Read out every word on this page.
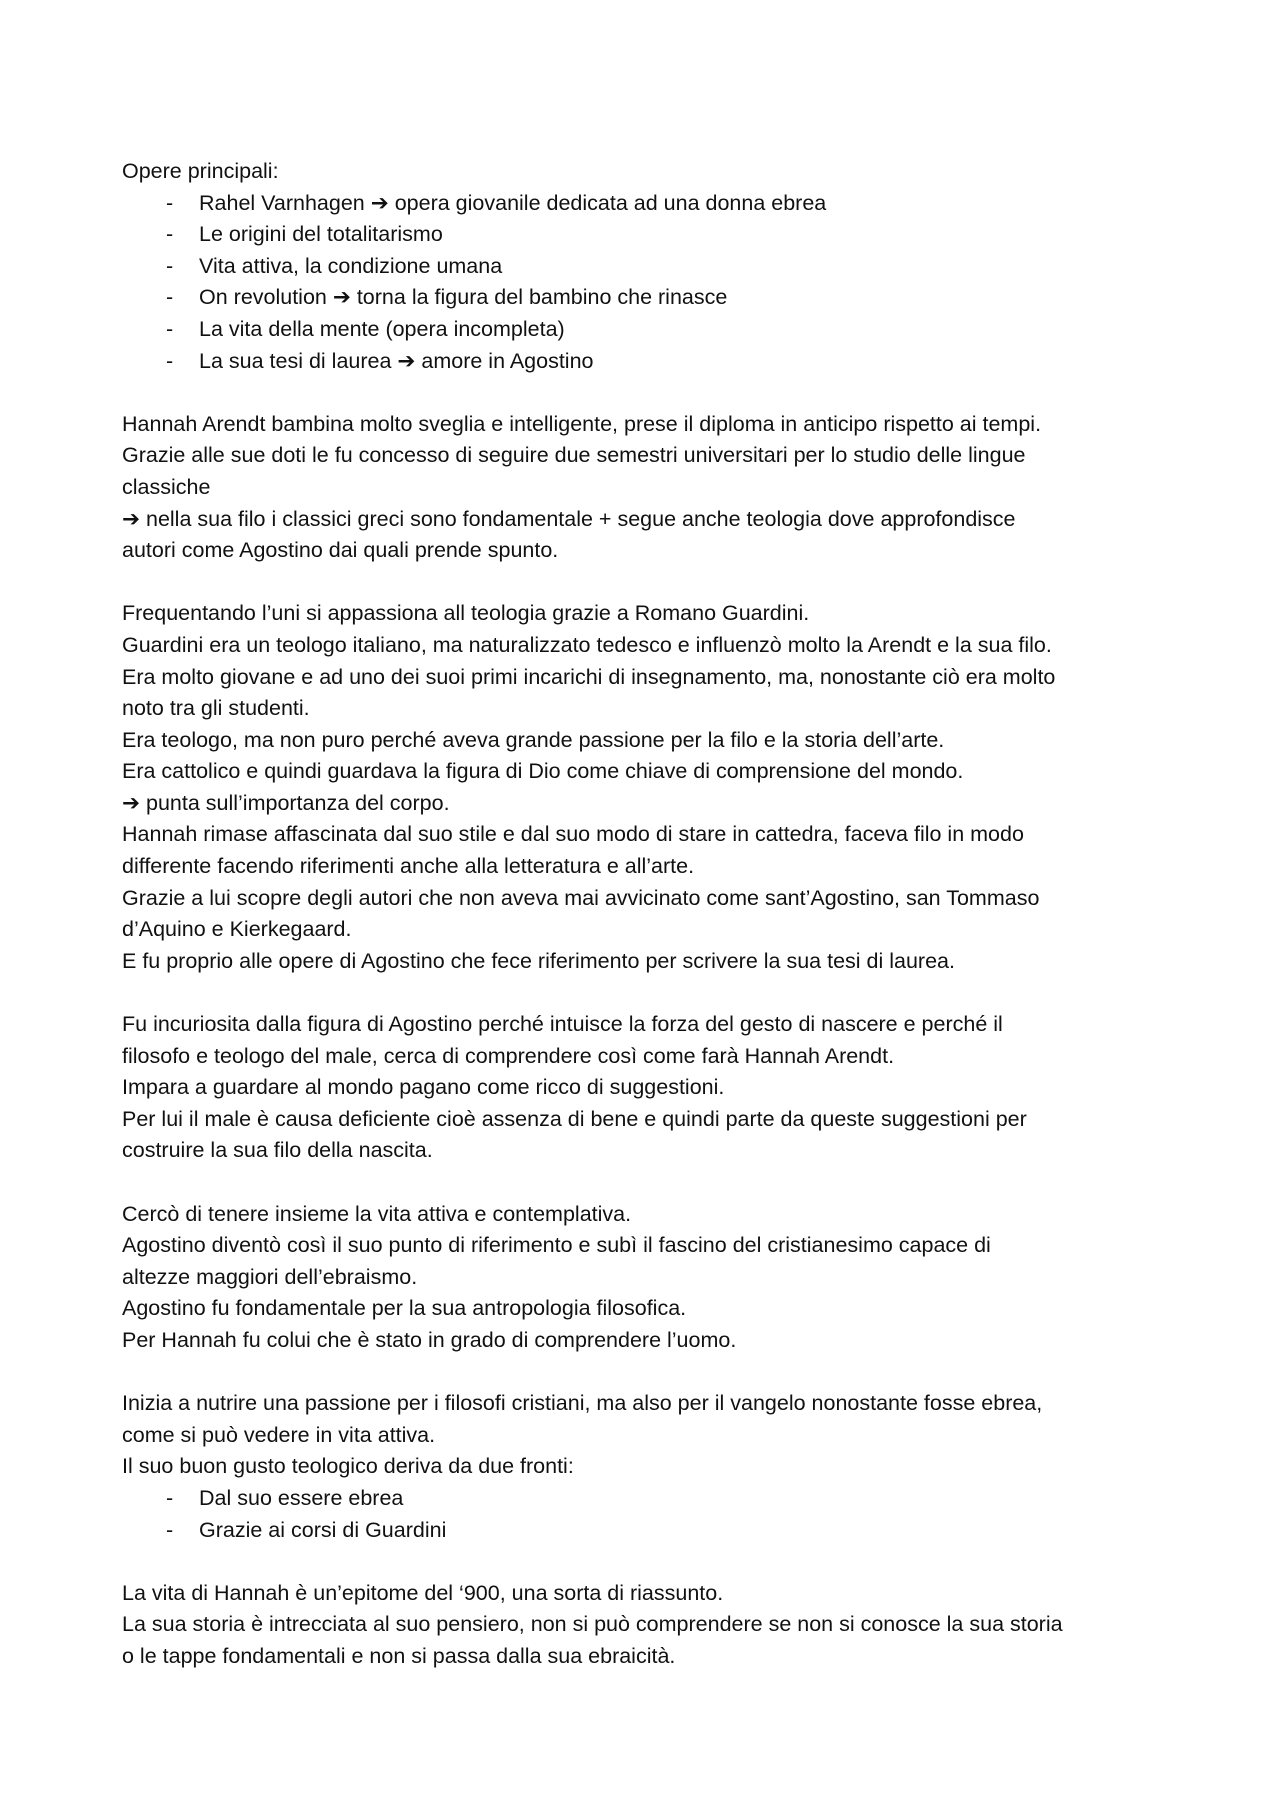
Opere principali:
- Rahel Varnhagen ➔ opera giovanile dedicata ad una donna ebrea
- Le origini del totalitarismo
- Vita attiva, la condizione umana
- On revolution ➔ torna la figura del bambino che rinasce
- La vita della mente (opera incompleta)
- La sua tesi di laurea ➔ amore in Agostino
Hannah Arendt bambina molto sveglia e intelligente, prese il diploma in anticipo rispetto ai tempi.
Grazie alle sue doti le fu concesso di seguire due semestri universitari per lo studio delle lingue
classiche
➔ nella sua filo i classici greci sono fondamentale + segue anche teologia dove approfondisce
autori come Agostino dai quali prende spunto.
Frequentando l’uni si appassiona all teologia grazie a Romano Guardini.
Guardini era un teologo italiano, ma naturalizzato tedesco e influenzò molto la Arendt e la sua filo.
Era molto giovane e ad uno dei suoi primi incarichi di insegnamento, ma, nonostante ciò era molto
noto tra gli studenti.
Era teologo, ma non puro perché aveva grande passione per la filo e la storia dell’arte.
Era cattolico e quindi guardava la figura di Dio come chiave di comprensione del mondo.
➔ punta sull’importanza del corpo.
Hannah rimase affascinata dal suo stile e dal suo modo di stare in cattedra, faceva filo in modo
differente facendo riferimenti anche alla letteratura e all’arte.
Grazie a lui scopre degli autori che non aveva mai avvicinato come sant’Agostino, san Tommaso
d’Aquino e Kierkegaard.
E fu proprio alle opere di Agostino che fece riferimento per scrivere la sua tesi di laurea.
Fu incuriosita dalla figura di Agostino perché intuisce la forza del gesto di nascere e perché il
filosofo e teologo del male, cerca di comprendere così come farà Hannah Arendt.
Impara a guardare al mondo pagano come ricco di suggestioni.
Per lui il male è causa deficiente cioè assenza di bene e quindi parte da queste suggestioni per
costruire la sua filo della nascita.
Cercò di tenere insieme la vita attiva e contemplativa.
Agostino diventò così il suo punto di riferimento e subì il fascino del cristianesimo capace di
altezze maggiori dell’ebraismo.
Agostino fu fondamentale per la sua antropologia filosofica.
Per Hannah fu colui che è stato in grado di comprendere l’uomo.
Inizia a nutrire una passione per i filosofi cristiani, ma also per il vangelo nonostante fosse ebrea,
come si può vedere in vita attiva.
Il suo buon gusto teologico deriva da due fronti:
- Dal suo essere ebrea
- Grazie ai corsi di Guardini
La vita di Hannah è un’epitome del ‘900, una sorta di riassunto.
La sua storia è intrecciata al suo pensiero, non si può comprendere se non si conosce la sua storia
o le tappe fondamentali e non si passa dalla sua ebraicità.
